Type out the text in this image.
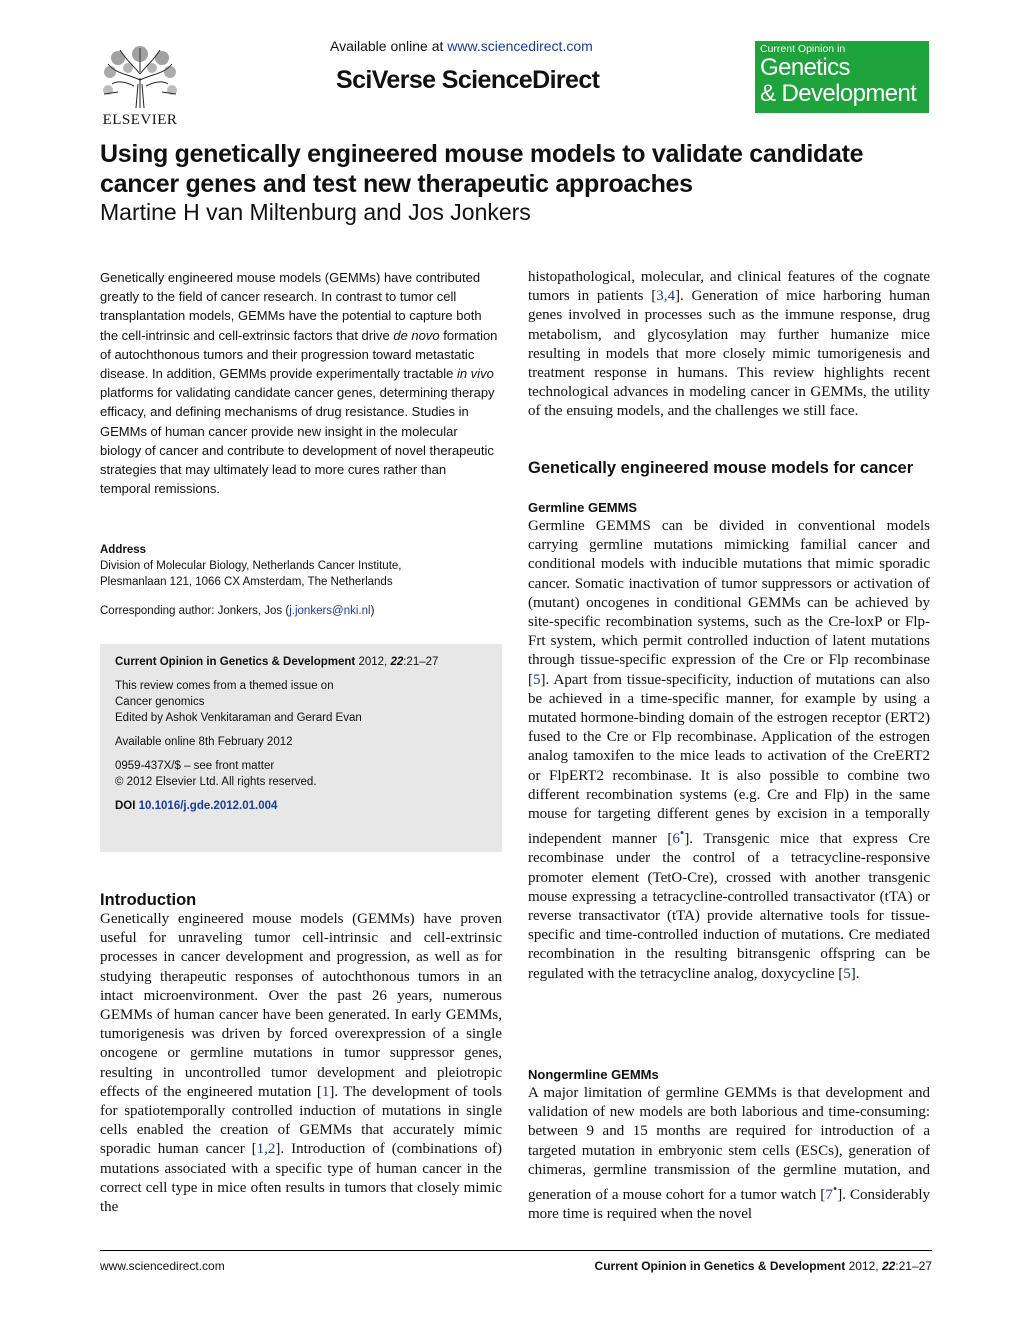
ELSEVIER
Available online at www.sciencedirect.com
SciVerse ScienceDirect
Current Opinion in
Genetics
& Development
Using genetically engineered mouse models to validate candidate cancer genes and test new therapeutic approaches
Martine H van Miltenburg and Jos Jonkers

Genetically engineered mouse models (GEMMs) have contributed greatly to the field of cancer research. In contrast to tumor cell transplantation models, GEMMs have the potential to capture both the cell-intrinsic and cell-extrinsic factors that drive de novo formation of autochthonous tumors and their progression toward metastatic disease. In addition, GEMMs provide experimentally tractable in vivo platforms for validating candidate cancer genes, determining therapy efficacy, and defining mechanisms of drug resistance. Studies in GEMMs of human cancer provide new insight in the molecular biology of cancer and contribute to development of novel therapeutic strategies that may ultimately lead to more cures rather than temporal remissions.

Address
Division of Molecular Biology, Netherlands Cancer Institute,
Plesmanlaan 121, 1066 CX Amsterdam, The Netherlands
Corresponding author: Jonkers, Jos (j.jonkers@nki.nl)

Current Opinion in Genetics & Development 2012, 22:21–27

This review comes from a themed issue on

Cancer genomics

Edited by Ashok Venkitaraman and Gerard Evan

Available online 8th February 2012

0959-437X/$ – see front matter

© 2012 Elsevier Ltd. All rights reserved.

DOI 10.1016/j.gde.2012.01.004

Introduction

Genetically engineered mouse models (GEMMs) have proven useful for unraveling tumor cell-intrinsic and cell-extrinsic processes in cancer development and progression, as well as for studying therapeutic responses of autochthonous tumors in an intact microenvironment. Over the past 26 years, numerous GEMMs of human cancer have been generated. In early GEMMs, tumorigenesis was driven by forced overexpression of a single oncogene or germline mutations in tumor suppressor genes, resulting in uncontrolled tumor development and pleiotropic effects of the engineered mutation [1]. The development of tools for spatiotemporally controlled induction of mutations in single cells enabled the creation of GEMMs that accurately mimic sporadic human cancer [1,2]. Introduction of (combinations of) mutations associated with a specific type of human cancer in the correct cell type in mice often results in tumors that closely mimic the

histopathological, molecular, and clinical features of the cognate tumors in patients [3,4]. Generation of mice harboring human genes involved in processes such as the immune response, drug metabolism, and glycosylation may further humanize mice resulting in models that more closely mimic tumorigenesis and treatment response in humans. This review highlights recent technological advances in modeling cancer in GEMMs, the utility of the ensuing models, and the challenges we still face.

Genetically engineered mouse models for cancer
Germline GEMMS

Germline GEMMS can be divided in conventional models carrying germline mutations mimicking familial cancer and conditional models with inducible mutations that mimic sporadic cancer. Somatic inactivation of tumor suppressors or activation of (mutant) oncogenes in conditional GEMMs can be achieved by site-specific recombination systems, such as the Cre-loxP or Flp-Frt system, which permit controlled induction of latent mutations through tissue-specific expression of the Cre or Flp recombinase [5]. Apart from tissue-specificity, induction of mutations can also be achieved in a time-specific manner, for example by using a mutated hormone-binding domain of the estrogen receptor (ERT2) fused to the Cre or Flp recombinase. Application of the estrogen analog tamoxifen to the mice leads to activation of the CreERT2 or FlpERT2 recombinase. It is also possible to combine two different recombination systems (e.g. Cre and Flp) in the same mouse for targeting different genes by excision in a temporally independent manner [6•]. Transgenic mice that express Cre recombinase under the control of a tetracycline-responsive promoter element (TetO-Cre), crossed with another transgenic mouse expressing a tetracycline-controlled transactivator (tTA) or reverse transactivator (tTA) provide alternative tools for tissue-specific and time-controlled induction of mutations. Cre mediated recombination in the resulting bitransgenic offspring can be regulated with the tetracycline analog, doxycycline [5].

Nongermline GEMMs

A major limitation of germline GEMMs is that development and validation of new models are both laborious and time-consuming: between 9 and 15 months are required for introduction of a targeted mutation in embryonic stem cells (ESCs), generation of chimeras, germline transmission of the germline mutation, and generation of a mouse cohort for a tumor watch [7•]. Considerably more time is required when the novel

www.sciencedirect.com	Current Opinion in Genetics & Development 2012, 22:21–27
